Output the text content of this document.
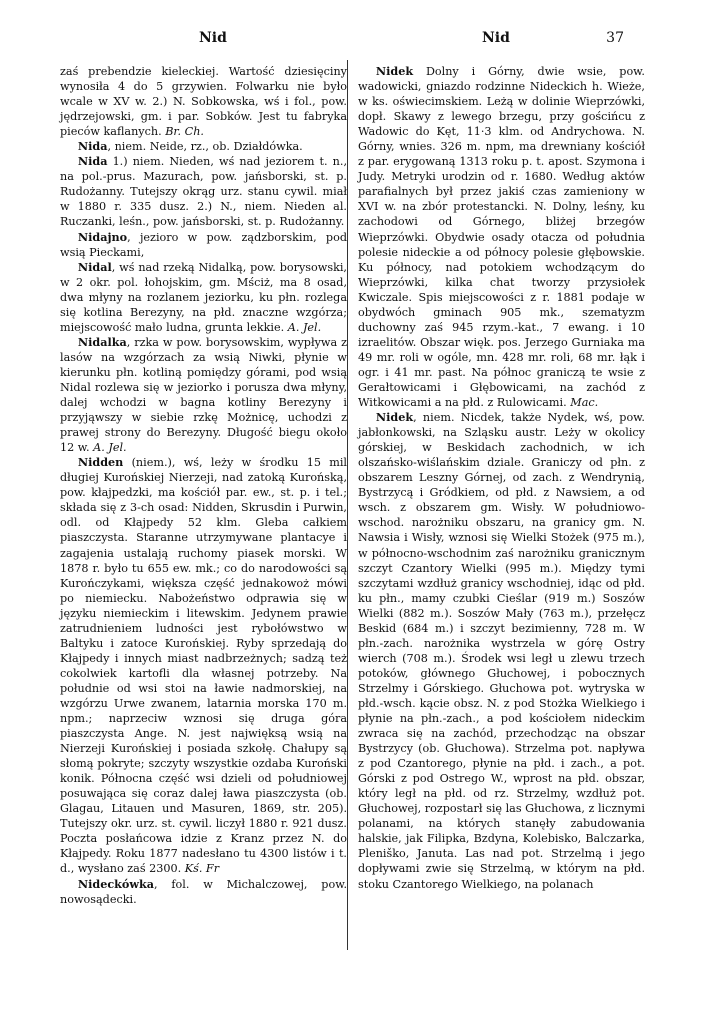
Nid	Nid	37

zaś prebendzie kieleckiej. Wartość dziesięciny wynosiła 4 do 5 grzywien. Folwarku nie było wcale w XV w. 2.) N. Sobkowska, wś i fol., pow. jędrzejowski, gm. i par. Sobków. Jest tu fabryka pieców kaflanych. Br. Ch.

Nida, niem. Neide, rz., ob. Działdówka.

Nida 1.) niem. Nieden, wś nad jeziorem t. n., na pol.-prus. Mazurach, pow. jańsborski, st. p. Rudożanny. Tutejszy okrąg urz. stanu cywil. miał w 1880 r. 335 dusz. 2.) N., niem. Nieden al. Ruczanki, leśn., pow. jańsborski, st. p. Rudożanny.

Nidajno, jezioro w pow. ządzborskim, pod wsią Pieckami,

Nidal, wś nad rzeką Nidalką, pow. borysowski, w 2 okr. pol. łohojskim, gm. Mściż, ma 8 osad, dwa młyny na rozlanem jeziorku, ku płn. rozlega się kotlina Berezyny, na płd. znaczne wzgórza; miejscowość mało ludna, grunta lekkie. A. Jel.

Nidalka, rzka w pow. borysowskim, wypływa z lasów na wzgórzach za wsią Niwki, płynie w kierunku płn. kotliną pomiędzy górami, pod wsią Nidal rozlewa się w jeziorko i porusza dwa młyny, dalej wchodzi w bagna kotliny Berezyny i przyjąwszy w siebie rzkę Możnicę, uchodzi z prawej strony do Berezyny. Długość biegu około 12 w. A. Jel.

Nidden (niem.), wś, leży w środku 15 mil długiej Kurońskiej Nierzeji, nad zatoką Kurońską, pow. kłajpedzki, ma kościół par. ew., st. p. i tel.; składa się z 3-ch osad: Nidden, Skrusdin i Purwin, odl. od Kłajpedy 52 klm. Gleba całkiem piaszczysta. Staranne utrzymywane plantacye i zagajenia ustalają ruchomy piasek morski. W 1878 r. było tu 655 ew. mk.; co do narodowości są Kurończykami, większa część jednakowoż mówi po niemiecku. Nabożeństwo odprawia się w języku niemieckim i litewskim. Jedynem prawie zatrudnieniem ludności jest rybołówstwo w Baltyku i zatoce Kurońskiej. Ryby sprzedają do Kłajpedy i innych miast nadbrzeżnych; sadzą też cokolwiek kartofli dla własnej potrzeby. Na południe od wsi stoi na ławie nadmorskiej, na wzgórzu Urwe zwanem, latarnia morska 170 m. npm.; naprzeciw wznosi się druga góra piaszczysta Ange. N. jest najwięksą wsią na Nierzeji Kurońskiej i posiada szkołę. Chałupy są słomą pokryte; szczyty wszystkie ozdaba Kuroński konik. Północna część wsi dzieli od południowej posuwająca się coraz dalej ława piaszczysta (ob. Glagau, Litauen und Masuren, 1869, str. 205). Tutejszy okr. urz. st. cywil. liczył 1880 r. 921 dusz. Poczta posłańcowa idzie z Kranz przez N. do Kłajpedy. Roku 1877 nadesłano tu 4300 listów i t. d., wysłano zaś 2300. Kś. Fr

Nideckówka, fol. w Michalczowej, pow. nowosądecki.

Nidek Dolny i Górny, dwie wsie, pow. wadowicki, gniazdo rodzinne Nideckich h. Wieże, w ks. oświecimskiem. Leżą w dolinie Wieprzówki, dopł. Skawy z lewego brzegu, przy gościńcu z Wadowic do Kęt, 11·3 klm. od Andrychowa. N. Górny, wnies. 326 m. npm, ma drewniany kościół z par. erygowaną 1313 roku p. t. apost. Szymona i Judy. Metryki urodzin od r. 1680. Według aktów parafialnych był przez jakiś czas zamieniony w XVI w. na zbór protestancki. N. Dolny, leśny, ku zachodowi od Górnego, bliżej brzegów Wieprzówki. Obydwie osady otacza od południa polesie nideckie a od północy polesie głębowskie. Ku północy, nad potokiem wchodzącym do Wieprzówki, kilka chat tworzy przysiołek Kwiczale. Spis miejscowości z r. 1881 podaje w obydwóch gminach 905 mk., szematyzm duchowny zaś 945 rzym.-kat., 7 ewang. i 10 izraelitów. Obszar więk. pos. Jerzego Gurniaka ma 49 mr. roli w ogóle, mn. 428 mr. roli, 68 mr. łąk i ogr. i 41 mr. past. Na północ graniczą te wsie z Gerałtowicami i Głębowicami, na zachód z Witkowicami a na płd. z Rulowicami. Mac.

Nidek, niem. Nicdek, także Nydek, wś, pow. jabłonkowski, na Szląsku austr. Leży w okolicy górskiej, w Beskidach zachodnich, w ich olszańsko-wiślańskim dziale. Graniczy od płn. z obszarem Leszny Górnej, od zach. z Wendrynią, Bystrzycą i Gródkiem, od płd. z Nawsiem, a od wsch. z obszarem gm. Wisły. W południowo-wschod. narożniku obszaru, na granicy gm. N. Nawsia i Wisły, wznosi się Wielki Stożek (975 m.), w północno-wschodnim zaś narożniku granicznym szczyt Czantory Wielki (995 m.). Między tymi szczytami wzdłuż granicy wschodniej, idąc od płd. ku płn., mamy czubki Cieślar (919 m.) Soszów Wielki (882 m.). Soszów Mały (763 m.), przełęcz Beskid (684 m.) i szczyt bezimienny, 728 m. W płn.-zach. narożnika wystrzela w górę Ostry wierch (708 m.). Środek wsi legł u zlewu trzech potoków, głównego Głuchowej, i pobocznych Strzelmy i Górskiego. Głuchowa pot. wytryska w płd.-wsch. kącie obsz. N. z pod Stożka Wielkiego i płynie na płn.-zach., a pod kościołem nideckim zwraca się na zachód, przechodząc na obszar Bystrzycy (ob. Głuchowa). Strzelma pot. napływa z pod Czantorego, płynie na płd. i zach., a pot. Górski z pod Ostrego W., wprost na płd. obszar, który legł na płd. od rz. Strzelmy, wzdłuż pot. Głuchowej, rozpostarł się las Głuchowa, z licznymi polanami, na których stanęły zabudowania halskie, jak Filipka, Bzdyna, Kolebisko, Balczarka, Pleniško, Januta. Las nad pot. Strzelmą i jego dopływami zwie się Strzelmą, w którym na płd. stoku Czantorego Wielkiego, na polanach
